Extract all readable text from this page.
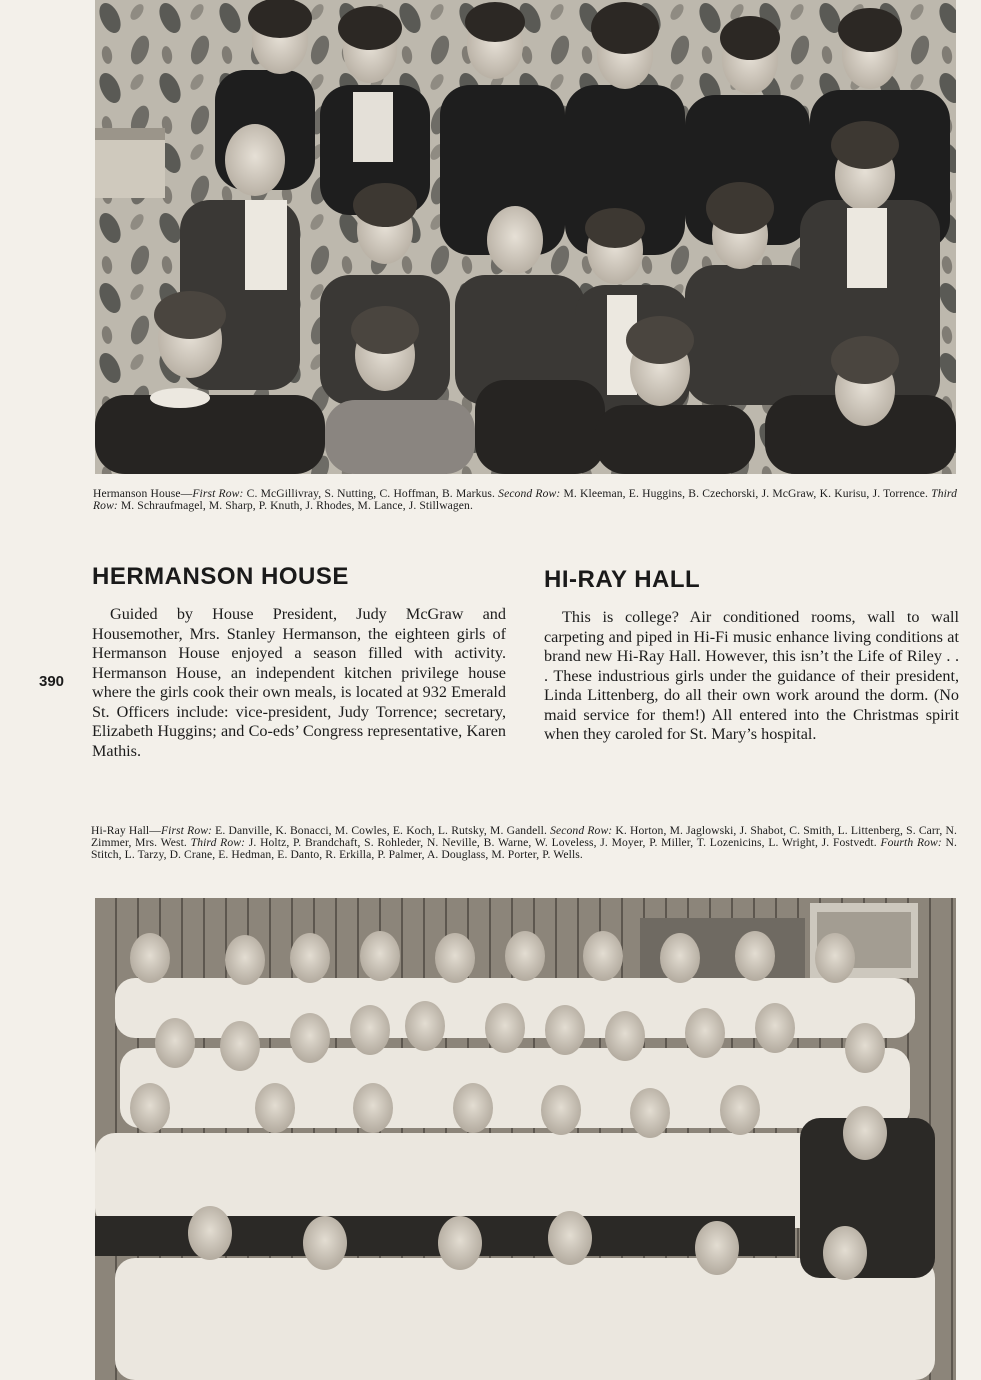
Hermanson House—First Row: C. McGillivray, S. Nutting, C. Hoffman, B. Markus. Second Row: M. Kleeman, E. Huggins, B. Czechorski, J. McGraw, K. Kurisu, J. Torrence. Third Row: M. Schraufmagel, M. Sharp, P. Knuth, J. Rhodes, M. Lance, J. Stillwagen.
HERMANSON HOUSE	HI-RAY HALL
390

Guided by House President, Judy McGraw and Housemother, Mrs. Stanley Hermanson, the eighteen girls of Hermanson House enjoyed a season filled with activity. Hermanson House, an independent kitchen privilege house where the girls cook their own meals, is located at 932 Emerald St. Officers include: vice-president, Judy Torrence; secretary, Elizabeth Huggins; and Co-eds’ Congress representative, Karen Mathis.

This is college? Air conditioned rooms, wall to wall carpeting and piped in Hi-Fi music enhance living conditions at brand new Hi-Ray Hall. However, this isn’t the Life of Riley . . . These industrious girls under the guidance of their president, Linda Littenberg, do all their own work around the dorm. (No maid service for them!) All entered into the Christmas spirit when they caroled for St. Mary’s hospital.

Hi-Ray Hall—First Row: E. Danville, K. Bonacci, M. Cowles, E. Koch, L. Rutsky, M. Gandell. Second Row: K. Horton, M. Jaglowski, J. Shabot, C. Smith, L. Littenberg, S. Carr, N. Zimmer, Mrs. West. Third Row: J. Holtz, P. Brandchaft, S. Rohleder, N. Neville, B. Warne, W. Loveless, J. Moyer, P. Miller, T. Lozenicins, L. Wright, J. Fostvedt. Fourth Row: N. Stitch, L. Tarzy, D. Crane, E. Hedman, E. Danto, R. Erkilla, P. Palmer, A. Douglass, M. Porter, P. Wells.
